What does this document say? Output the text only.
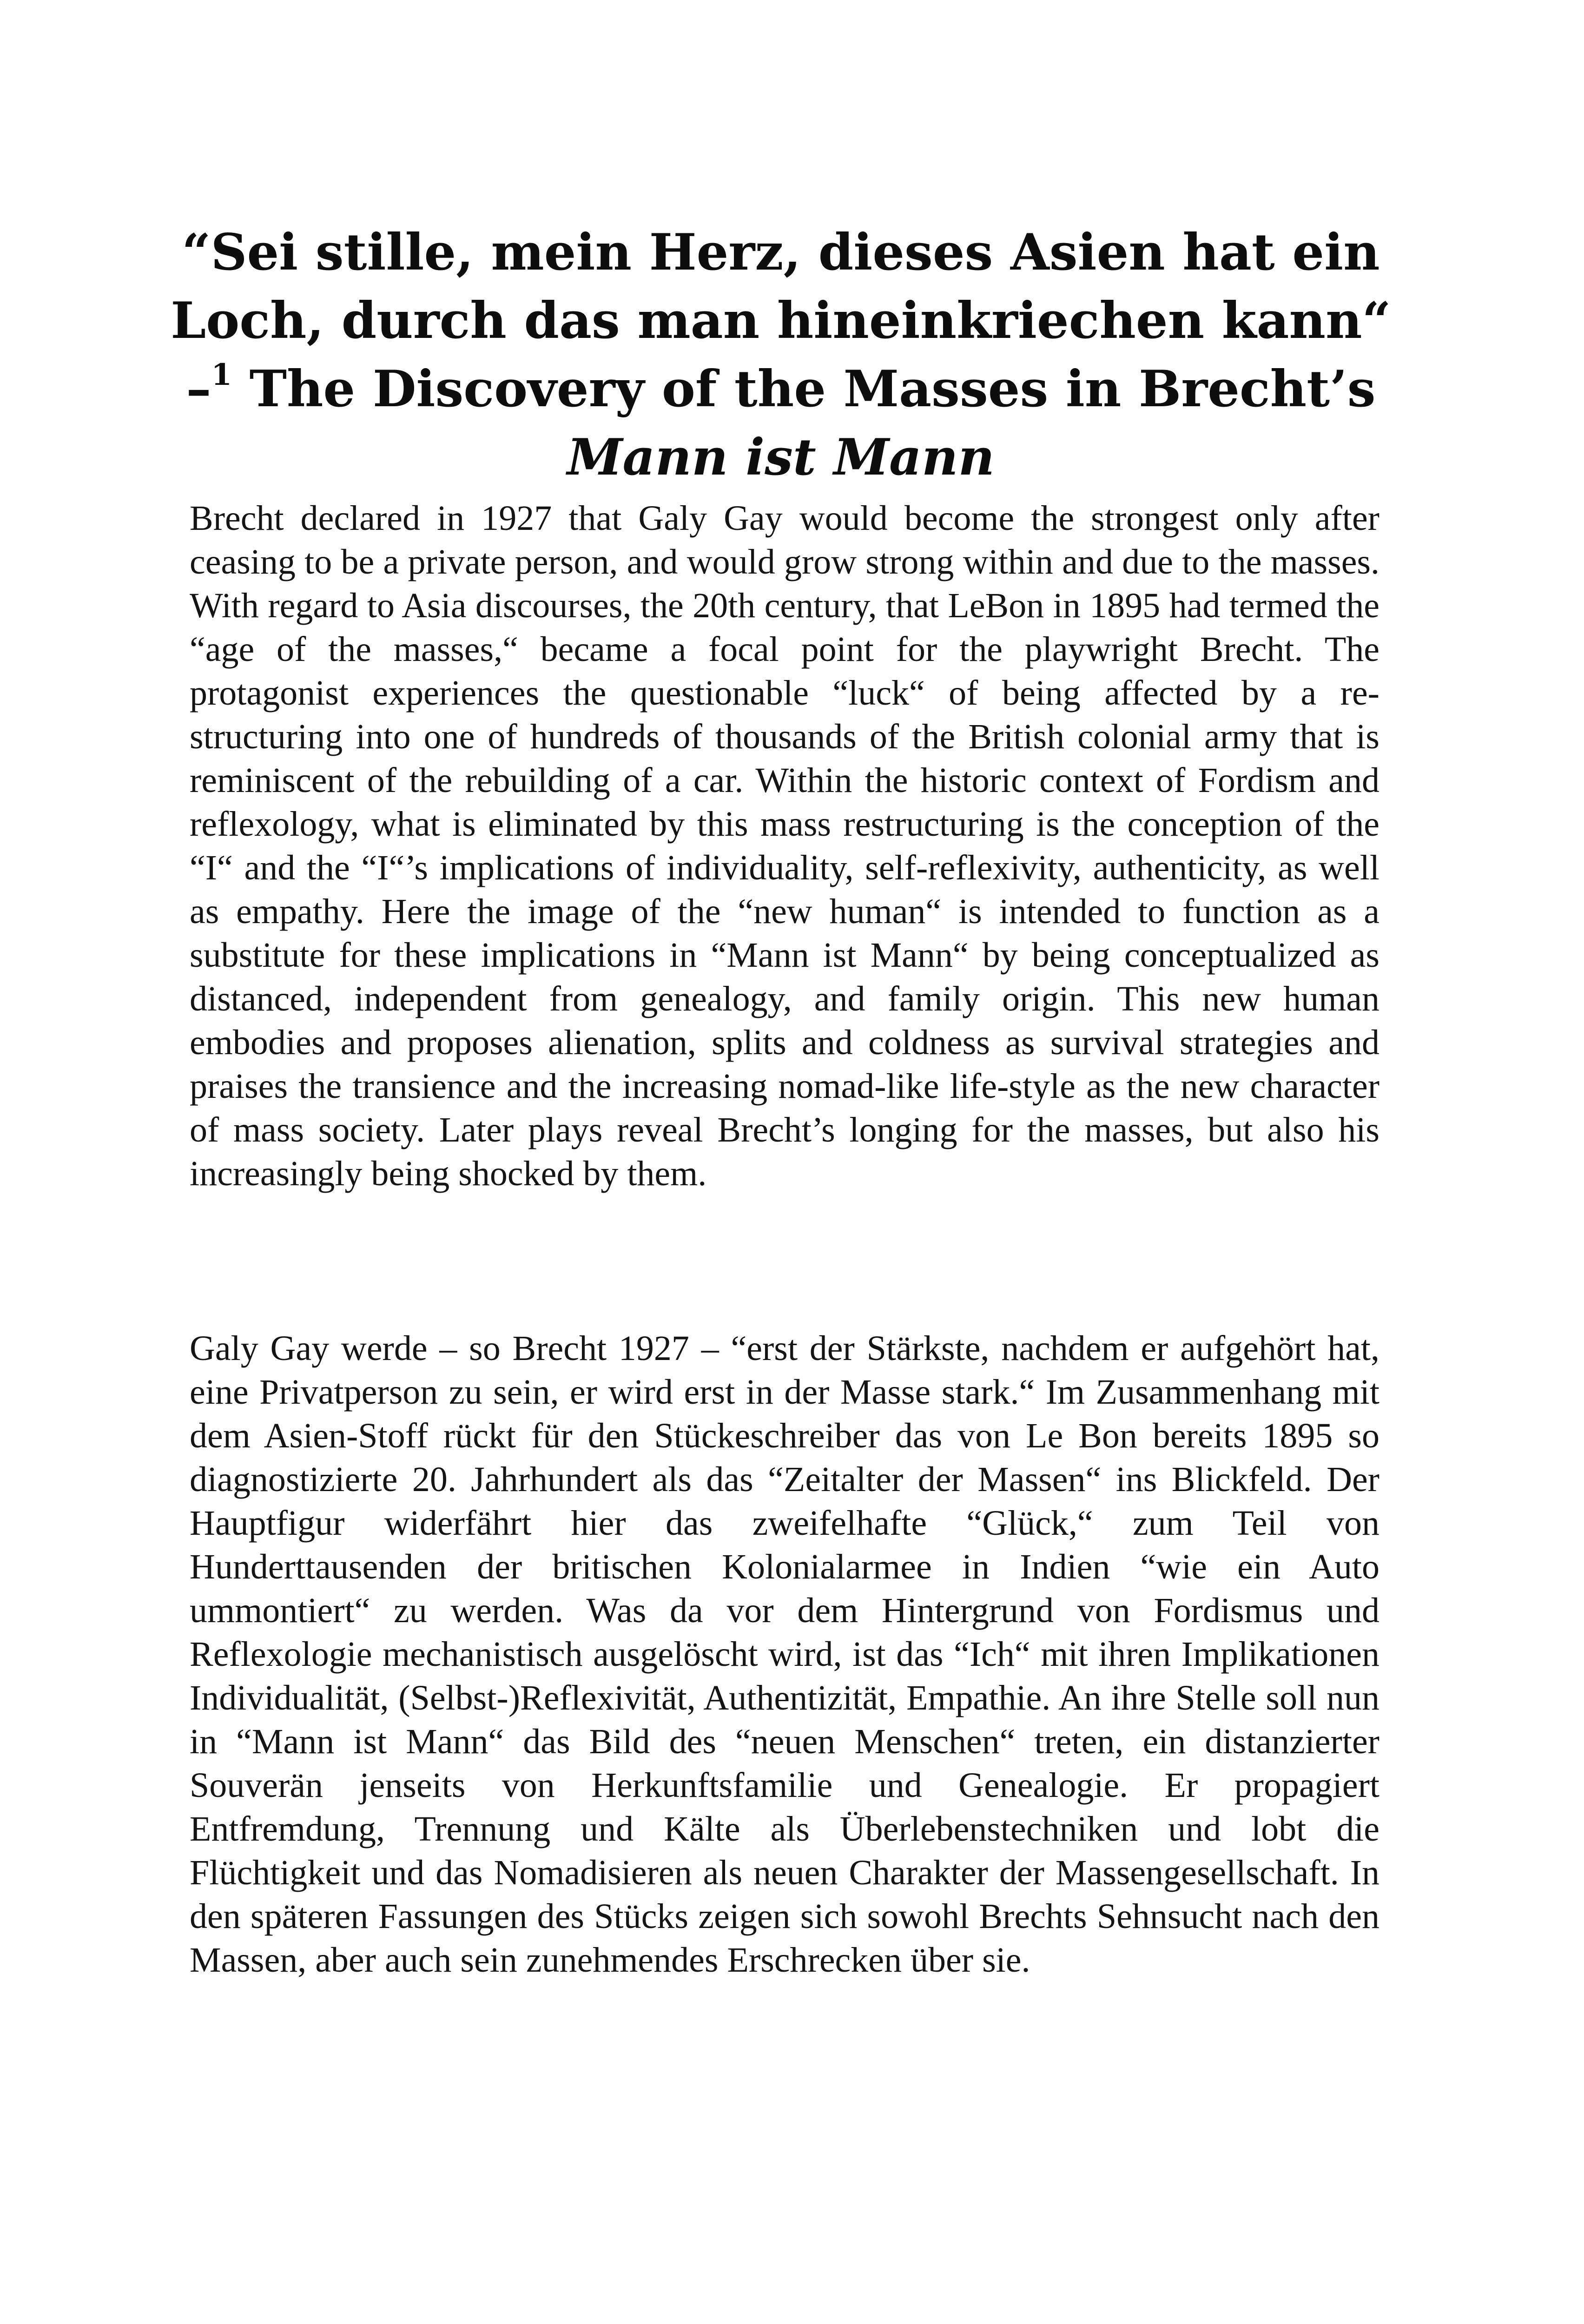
“Sei stille, mein Herz, dieses Asien hat ein Loch, durch das man hineinkriechen kann“ –$^1$ The Discovery of the Masses in Brecht’s Mann ist Mann

Brecht declared in 1927 that Galy Gay would become the strongest only after ceasing to be a private person, and would grow strong within and due to the masses. With regard to Asia discourses, the 20th century, that LeBon in 1895 had termed the “age of the masses,“ became a focal point for the playwright Brecht. The protagonist experiences the questionable “luck“ of being affected by a re-structuring into one of hundreds of thousands of the British colonial army that is reminiscent of the rebuilding of a car. Within the historic context of Fordism and reflexology, what is eliminated by this mass restructuring is the conception of the “I“ and the “I“’s implications of individuality, self-reflexivity, authenticity, as well as empathy. Here the image of the “new human“ is intended to function as a substitute for these implications in “Mann ist Mann“ by being conceptualized as distanced, independent from genealogy, and family origin. This new human embodies and proposes alienation, splits and coldness as survival strategies and praises the transience and the increasing nomad-like life-style as the new character of mass society. Later plays reveal Brecht’s longing for the masses, but also his increasingly being shocked by them.

Galy Gay werde – so Brecht 1927 – “erst der Stärkste, nachdem er aufgehört hat, eine Privatperson zu sein, er wird erst in der Masse stark.“ Im Zusammenhang mit dem Asien-Stoff rückt für den Stückeschreiber das von Le Bon bereits 1895 so diagnostizierte 20. Jahrhundert als das “Zeitalter der Massen“ ins Blickfeld. Der Hauptfigur widerfährt hier das zweifelhafte “Glück,“ zum Teil von Hunderttausenden der britischen Kolonialarmee in Indien “wie ein Auto ummontiert“ zu werden. Was da vor dem Hintergrund von Fordismus und Reflexologie mechanistisch ausgelöscht wird, ist das “Ich“ mit ihren Implikationen Individualität, (Selbst-)Reflexivität, Authentizität, Empathie. An ihre Stelle soll nun in “Mann ist Mann“ das Bild des “neuen Menschen“ treten, ein distanzierter Souverän jenseits von Herkunftsfamilie und Genealogie. Er propagiert Entfremdung, Trennung und Kälte als Überlebenstechniken und lobt die Flüchtigkeit und das Nomadisieren als neuen Charakter der Massengesellschaft. In den späteren Fassungen des Stücks zeigen sich sowohl Brechts Sehnsucht nach den Massen, aber auch sein zunehmendes Erschrecken über sie.
